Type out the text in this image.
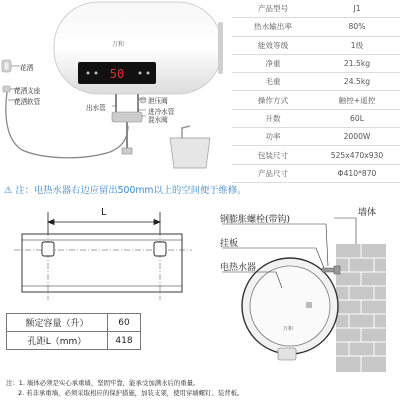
万和
50
花洒
花洒支座
花洒软管	泄压阀
出水管	进冷水管
混水阀
产品型号	J1
热水输出率	80%
能效等级	1级
净重	21.5kg
毛重	24.5kg
操作方式	触控+遥控
升数	60L
功率	2000W
包装尺寸	525x470x930
产品尺寸	Φ410*870
⚠ 注：电热水器右边应留出500mm以上的空间便于维修。
L
额定容量（升）	60
孔距L（mm）	418
万和
钢膨胀螺栓(带钩)
挂板
电热水器
墙体
注：1. 墙体必须是实心承重墙，坚固牢靠，能承受加满水后的重量。
2. 若非承重墙，必须采取相应的保护措施，加装支架，使用穿墙螺钉、装背板。
